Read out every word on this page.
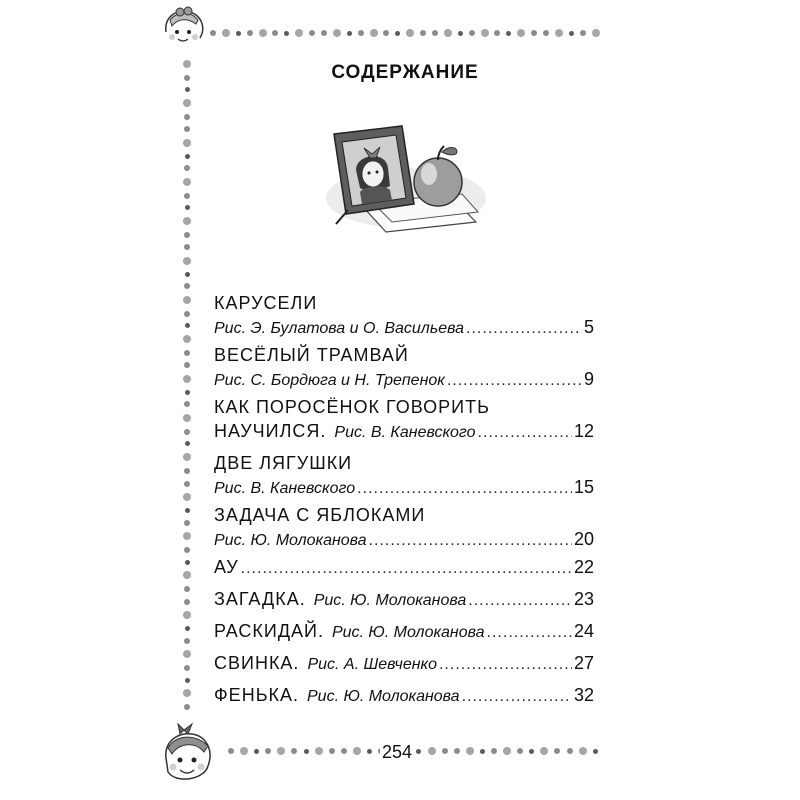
СОДЕРЖАНИЕ
КАРУСЕЛИ
Рис. Э. Булатова и О. Васильева .....	5
ВЕСЁЛЫЙ ТРАМВАЙ
Рис. С. Бордюга и Н. Трепенок .....	9
КАК ПОРОСЁНОК ГОВОРИТЬ
НАУЧИЛСЯ. Рис. В. Каневского .....	12
ДВЕ ЛЯГУШКИ
Рис. В. Каневского .....	15
ЗАДАЧА С ЯБЛОКАМИ
Рис. Ю. Молоканова .....	20
АУ .....	22
ЗАГАДКА. Рис. Ю. Молоканова .....	23
РАСКИДАЙ. Рис. Ю. Молоканова .....	24
СВИНКА. Рис. А. Шевченко .....	27
ФЕНЬКА. Рис. Ю. Молоканова .....	32
254
